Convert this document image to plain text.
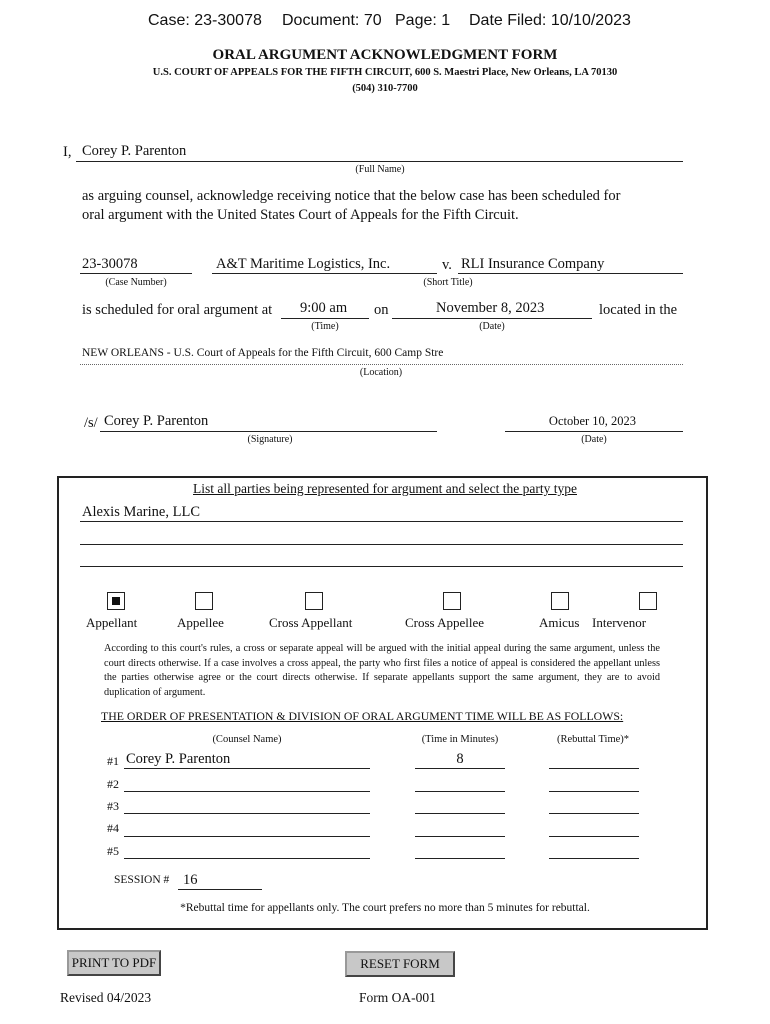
Case: 23-30078 Document: 70 Page: 1 Date Filed: 10/10/2023
ORAL ARGUMENT ACKNOWLEDGMENT FORM
U.S. COURT OF APPEALS FOR THE FIFTH CIRCUIT, 600 S. Maestri Place, New Orleans, LA 70130
(504) 310-7700
I, Corey P. Parenton
(Full Name)
as arguing counsel, acknowledge receiving notice that the below case has been scheduled for
oral argument with the United States Court of Appeals for the Fifth Circuit.
23-30078
(Case Number)
A&T Maritime Logistics, Inc.	v. RLI Insurance Company
(Short Title)
is scheduled for oral argument at 9:00 am
(Time)
on	November 8, 2023
(Date)
located in the
NEW ORLEANS - U.S. Court of Appeals for the Fifth Circuit, 600 Camp Stre
(Location)
/s/ Corey P. Parenton
(Signature)
October 10, 2023
(Date)
List all parties being represented for argument and select the party type
Alexis Marine, LLC
Appellant	Appellee	Cross Appellant	Cross Appellee	Amicus Intervenor
According to this court's rules, a cross or separate appeal will be argued with the initial appeal during the same argument, unless the court directs otherwise. If a case involves a cross appeal, the party who first files a notice of appeal is considered the appellant unless the parties otherwise agree or the court directs otherwise. If separate appellants support the same argument, they are to avoid duplication of argument.
THE ORDER OF PRESENTATION & DIVISION OF ORAL ARGUMENT TIME WILL BE AS FOLLOWS:
(Counsel Name)	(Time in Minutes)	(Rebuttal Time)*
#1 Corey P. Parenton	8
#2
#3
#4
#5
SESSION # 16
*Rebuttal time for appellants only. The court prefers no more than 5 minutes for rebuttal.
PRINT TO PDF	RESET FORM
Revised 04/2023	Form OA-001
